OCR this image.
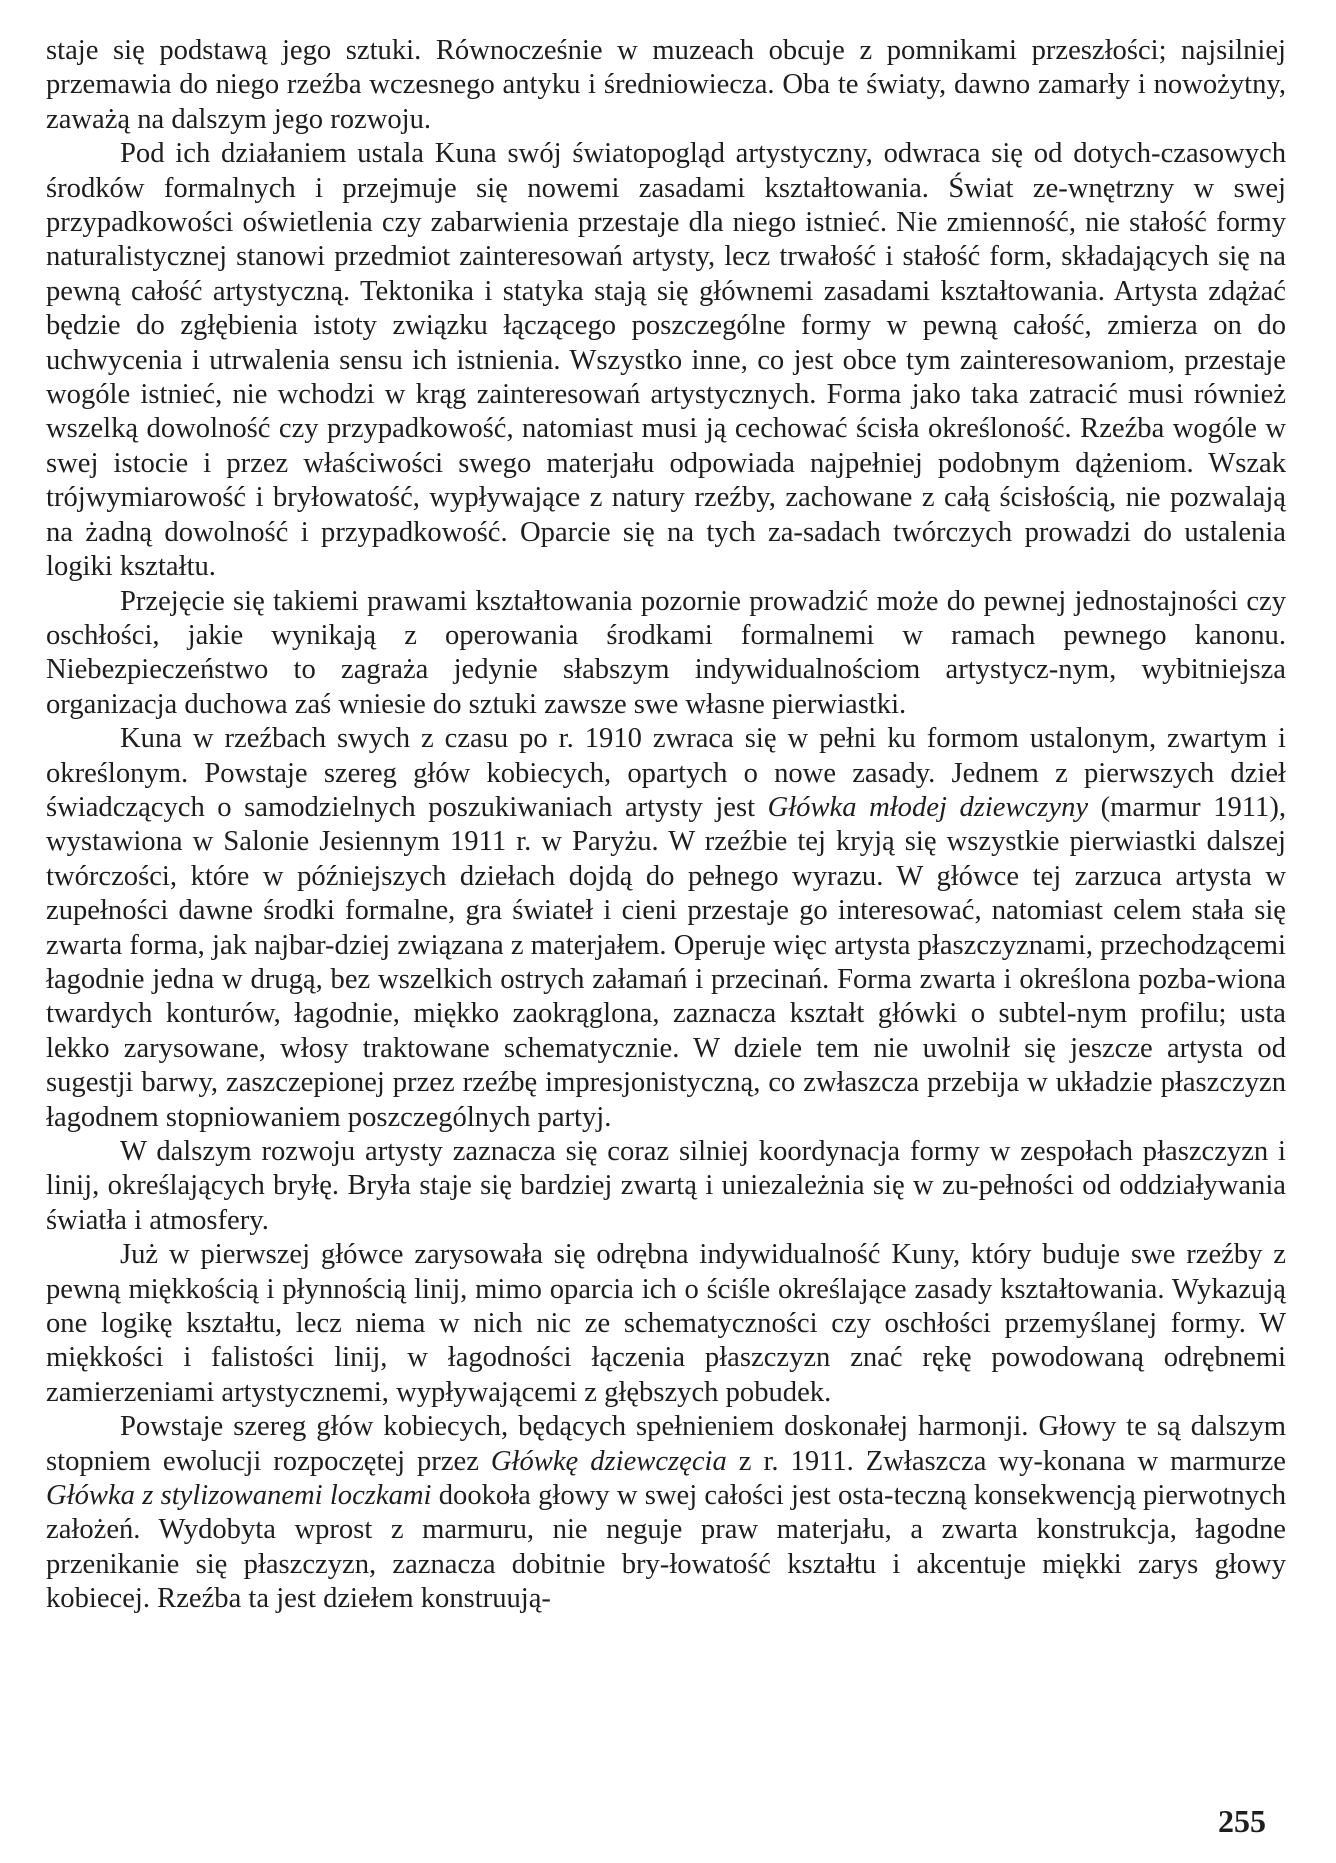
staje się podstawą jego sztuki. Równocześnie w muzeach obcuje z pomnikami przeszłości; najsilniej przemawia do niego rzeźba wczesnego antyku i średniowiecza. Oba te światy, dawno zamarły i nowożytny, zaważą na dalszym jego rozwoju.

Pod ich działaniem ustala Kuna swój światopogląd artystyczny, odwraca się od dotych-czasowych środków formalnych i przejmuje się nowemi zasadami kształtowania. Świat ze-wnętrzny w swej przypadkowości oświetlenia czy zabarwienia przestaje dla niego istnieć. Nie zmienność, nie stałość formy naturalistycznej stanowi przedmiot zainteresowań artysty, lecz trwałość i stałość form, składających się na pewną całość artystyczną. Tektonika i statyka stają się głównemi zasadami kształtowania. Artysta zdążać będzie do zgłębienia istoty związku łączącego poszczególne formy w pewną całość, zmierza on do uchwycenia i utrwalenia sensu ich istnienia. Wszystko inne, co jest obce tym zainteresowaniom, przestaje wogóle istnieć, nie wchodzi w krąg zainteresowań artystycznych. Forma jako taka zatracić musi również wszelką dowolność czy przypadkowość, natomiast musi ją cechować ścisła określoność. Rzeźba wogóle w swej istocie i przez właściwości swego materjału odpowiada najpełniej podobnym dążeniom. Wszak trójwymiarowość i bryłowatość, wypływające z natury rzeźby, zachowane z całą ścisłością, nie pozwalają na żadną dowolność i przypadkowość. Oparcie się na tych za-sadach twórczych prowadzi do ustalenia logiki kształtu.

Przejęcie się takiemi prawami kształtowania pozornie prowadzić może do pewnej jednostajności czy oschłości, jakie wynikają z operowania środkami formalnemi w ramach pewnego kanonu. Niebezpieczeństwo to zagraża jedynie słabszym indywidualnościom artystycz-nym, wybitniejsza organizacja duchowa zaś wniesie do sztuki zawsze swe własne pierwiastki.

Kuna w rzeźbach swych z czasu po r. 1910 zwraca się w pełni ku formom ustalonym, zwartym i określonym. Powstaje szereg głów kobiecych, opartych o nowe zasady. Jednem z pierwszych dzieł świadczących o samodzielnych poszukiwaniach artysty jest Główka młodej dziewczyny (marmur 1911), wystawiona w Salonie Jesiennym 1911 r. w Paryżu. W rzeźbie tej kryją się wszystkie pierwiastki dalszej twórczości, które w późniejszych dziełach dojdą do pełnego wyrazu. W główce tej zarzuca artysta w zupełności dawne środki formalne, gra świateł i cieni przestaje go interesować, natomiast celem stała się zwarta forma, jak najbar-dziej związana z materjałem. Operuje więc artysta płaszczyznami, przechodzącemi łagodnie jedna w drugą, bez wszelkich ostrych załamań i przecinań. Forma zwarta i określona pozba-wiona twardych konturów, łagodnie, miękko zaokrąglona, zaznacza kształt główki o subtel-nym profilu; usta lekko zarysowane, włosy traktowane schematycznie. W dziele tem nie uwolnił się jeszcze artysta od sugestji barwy, zaszczepionej przez rzeźbę impresjonistyczną, co zwłaszcza przebija w układzie płaszczyzn łagodnem stopniowaniem poszczególnych partyj.

W dalszym rozwoju artysty zaznacza się coraz silniej koordynacja formy w zespołach płaszczyzn i linij, określających bryłę. Bryła staje się bardziej zwartą i uniezależnia się w zu-pełności od oddziaływania światła i atmosfery.

Już w pierwszej główce zarysowała się odrębna indywidualność Kuny, który buduje swe rzeźby z pewną miękkością i płynnością linij, mimo oparcia ich o ściśle określające zasady kształtowania. Wykazują one logikę kształtu, lecz niema w nich nic ze schematyczności czy oschłości przemyślanej formy. W miękkości i falistości linij, w łagodności łączenia płaszczyzn znać rękę powodowaną odrębnemi zamierzeniami artystycznemi, wypływającemi z głębszych pobudek.

Powstaje szereg głów kobiecych, będących spełnieniem doskonałej harmonji. Głowy te są dalszym stopniem ewolucji rozpoczętej przez Główkę dziewczęcia z r. 1911. Zwłaszcza wy-konana w marmurze Główka z stylizowanemi loczkami dookoła głowy w swej całości jest osta-teczną konsekwencją pierwotnych założeń. Wydobyta wprost z marmuru, nie neguje praw materjału, a zwarta konstrukcja, łagodne przenikanie się płaszczyzn, zaznacza dobitnie bry-łowatość kształtu i akcentuje miękki zarys głowy kobiecej. Rzeźba ta jest dziełem konstruują-

255
